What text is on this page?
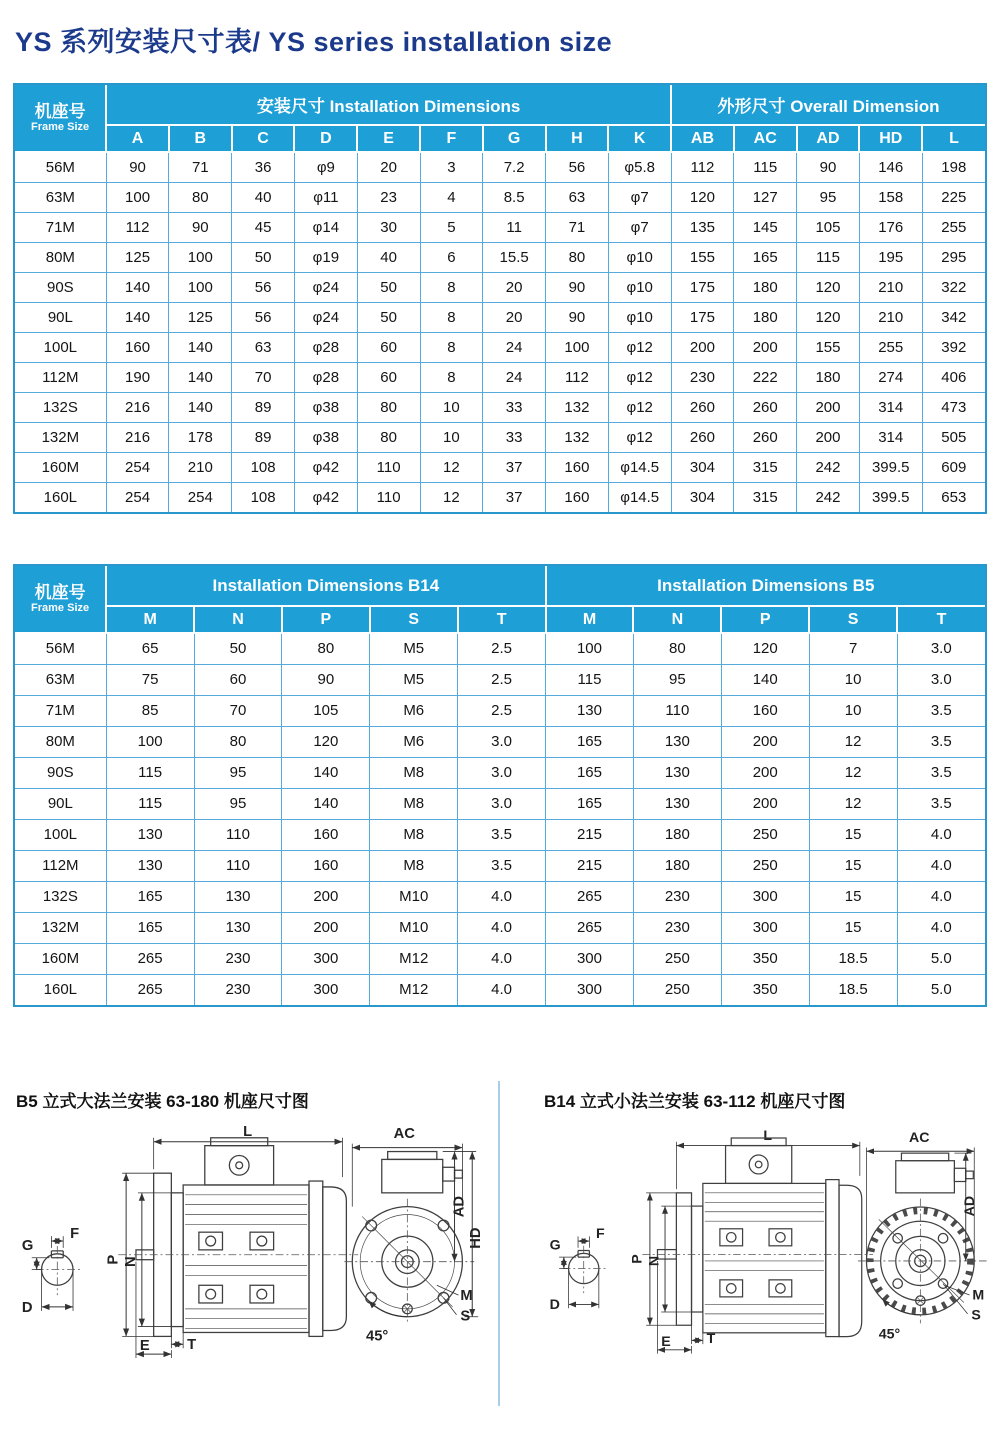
YS 系列安装尺寸表/ YS series installation size
机座号
Frame Size	安装尺寸 Installation Dimensions									外形尺寸 Overall Dimension				
	A	B	C	D	E	F	G	H	K	AB	AC	AD	HD	L
56M	90	71	36	φ9	20	3	7.2	56	φ5.8	112	115	90	146	198
63M	100	80	40	φ11	23	4	8.5	63	φ7	120	127	95	158	225
71M	112	90	45	φ14	30	5	11	71	φ7	135	145	105	176	255
80M	125	100	50	φ19	40	6	15.5	80	φ10	155	165	115	195	295
90S	140	100	56	φ24	50	8	20	90	φ10	175	180	120	210	322
90L	140	125	56	φ24	50	8	20	90	φ10	175	180	120	210	342
100L	160	140	63	φ28	60	8	24	100	φ12	200	200	155	255	392
112M	190	140	70	φ28	60	8	24	112	φ12	230	222	180	274	406
132S	216	140	89	φ38	80	10	33	132	φ12	260	260	200	314	473
132M	216	178	89	φ38	80	10	33	132	φ12	260	260	200	314	505
160M	254	210	108	φ42	110	12	37	160	φ14.5	304	315	242	399.5	609
160L	254	254	108	φ42	110	12	37	160	φ14.5	304	315	242	399.5	653
机座号
Frame Size	Installation Dimensions B14					Installation Dimensions B5				
	M	N	P	S	T	M	N	P	S	T
56M	65	50	80	M5	2.5	100	80	120	7	3.0
63M	75	60	90	M5	2.5	115	95	140	10	3.0
71M	85	70	105	M6	2.5	130	110	160	10	3.5
80M	100	80	120	M6	3.0	165	130	200	12	3.5
90S	115	95	140	M8	3.0	165	130	200	12	3.5
90L	115	95	140	M8	3.0	165	130	200	12	3.5
100L	130	110	160	M8	3.5	215	180	250	15	4.0
112M	130	110	160	M8	3.5	215	180	250	15	4.0
132S	165	130	200	M10	4.0	265	230	300	15	4.0
132M	165	130	200	M10	4.0	265	230	300	15	4.0
160M	265	230	300	M12	4.0	300	250	350	18.5	5.0
160L	265	230	300	M12	4.0	300	250	350	18.5	5.0

B5 立式大法兰安装 63-180 机座尺寸图

F
G
D
L
P N
T
E
AC
AD
HD
M
S
45°

B14 立式小法兰安装 63-112 机座尺寸图

F
G
D
L
P N
T
E
AC
AD
M
S
45°
